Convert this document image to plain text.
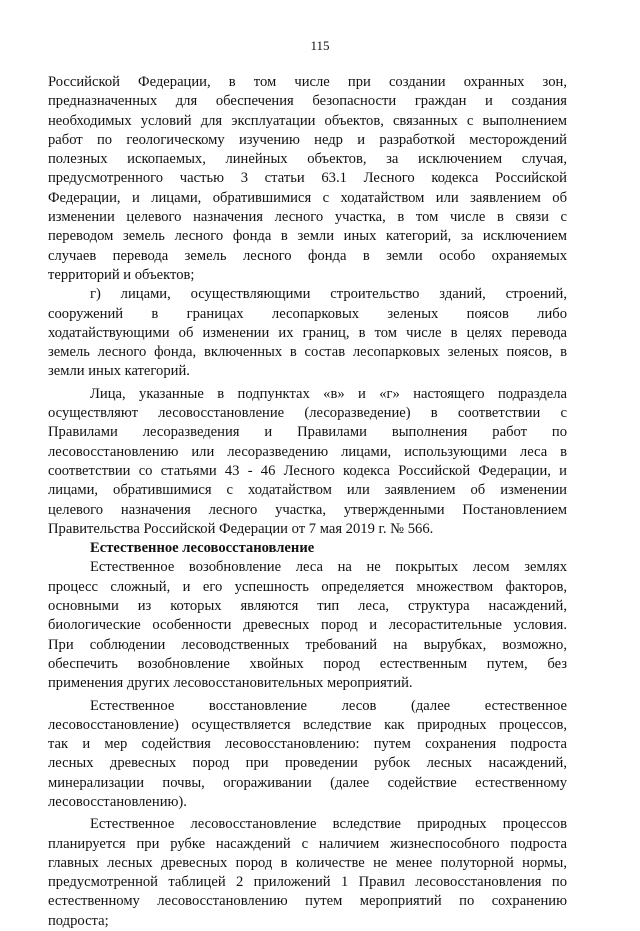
115
Российской Федерации, в том числе при создании охранных зон,
предназначенных для обеспечения безопасности граждан и создания
необходимых условий для эксплуатации объектов, связанных с выполнением
работ по геологическому изучению недр и разработкой месторождений
полезных ископаемых, линейных объектов, за исключением случая,
предусмотренного частью 3 статьи 63.1 Лесного кодекса Российской
Федерации, и лицами, обратившимися с ходатайством или заявлением об
изменении целевого назначения лесного участка, в том числе в связи с
переводом земель лесного фонда в земли иных категорий, за исключением
случаев перевода земель лесного фонда в земли особо охраняемых
территорий и объектов;
г) лицами, осуществляющими строительство зданий, строений,
сооружений в границах лесопарковых зеленых поясов либо
ходатайствующими об изменении их границ, в том числе в целях перевода
земель лесного фонда, включенных в состав лесопарковых зеленых поясов, в
земли иных категорий.
Лица, указанные в подпунктах «в» и «г» настоящего подраздела
осуществляют лесовосстановление (лесоразведение) в соответствии с
Правилами лесоразведения и Правилами выполнения работ по
лесовосстановлению или лесоразведению лицами, использующими леса в
соответствии со статьями 43 - 46 Лесного кодекса Российской Федерации, и
лицами, обратившимися с ходатайством или заявлением об изменении
целевого назначения лесного участка, утвержденными Постановлением
Правительства Российской Федерации от 7 мая 2019 г. № 566.
Естественное лесовосстановление
Естественное возобновление леса на не покрытых лесом землях
процесс сложный, и его успешность определяется множеством факторов,
основными из которых являются тип леса, структура насаждений,
биологические особенности древесных пород и лесорастительные условия.
При соблюдении лесоводственных требований на вырубках, возможно,
обеспечить возобновление хвойных пород естественным путем, без
применения других лесовосстановительных мероприятий.
Естественное восстановление лесов (далее естественное
лесовосстановление) осуществляется вследствие как природных процессов,
так и мер содействия лесовосстановлению: путем сохранения подроста
лесных древесных пород при проведении рубок лесных насаждений,
минерализации почвы, огораживании (далее содействие естественному
лесовосстановлению).
Естественное лесовосстановление вследствие природных процессов
планируется при рубке насаждений с наличием жизнеспособного подроста
главных лесных древесных пород в количестве не менее полуторной нормы,
предусмотренной таблицей 2 приложений 1 Правил лесовосстановления по
естественному лесовосстановлению путем мероприятий по сохранению
подроста;
